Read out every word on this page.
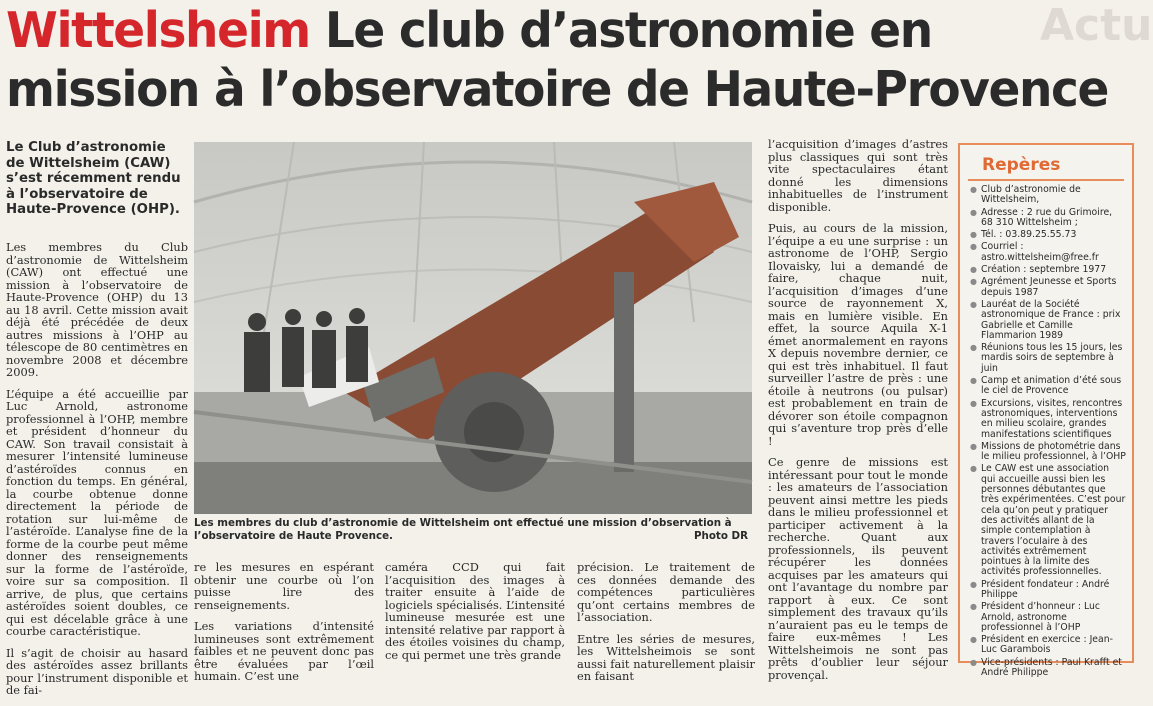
Actu
Wittelsheim Le club d’astronomie en mission à l’observatoire de Haute-Provence
Le Club d’astronomie de Wittelsheim (CAW) s’est récemment rendu à l’observatoire de Haute-Provence (OHP).

Les membres du Club d’astronomie de Wittelsheim (CAW) ont effectué une mission à l’observatoire de Haute-Provence (OHP) du 13 au 18 avril. Cette mission avait déjà été précédée de deux autres missions à l’OHP au télescope de 80 centimètres en novembre 2008 et décembre 2009.

L’équipe a été accueillie par Luc Arnold, astronome professionnel à l’OHP, membre et président d’honneur du CAW. Son travail consistait à mesurer l’intensité lumineuse d’astéroïdes connus en fonction du temps. En général, la courbe obtenue donne directement la période de rotation sur lui-même de l’astéroïde. L’analyse fine de la forme de la courbe peut même donner des renseignements sur la forme de l’astéroïde, voire sur sa composition. Il arrive, de plus, que certains astéroïdes soient doubles, ce qui est décelable grâce à une courbe caractéristique.

Il s’agit de choisir au hasard des astéroïdes assez brillants pour l’instrument disponible et de fai-

Les membres du club d’astronomie de Wittelsheim ont effectué une mission d’observation à l’observatoire de Haute Provence.	Photo DR

re les mesures en espérant obtenir une courbe où l’on puisse lire des renseignements.

Les variations d’intensité lumineuses sont extrêmement faibles et ne peuvent donc pas être évaluées par l’œil humain. C’est une

caméra CCD qui fait l’acquisition des images à traiter ensuite à l’aide de logiciels spécialisés. L’intensité lumineuse mesurée est une intensité relative par rapport à des étoiles voisines du champ, ce qui permet une très grande

précision. Le traitement de ces données demande des compétences particulières qu’ont certains membres de l’association.

Entre les séries de mesures, les Wittelsheimois se sont aussi fait naturellement plaisir en faisant

l’acquisition d’images d’astres plus classiques qui sont très vite spectaculaires étant donné les dimensions inhabituelles de l’instrument disponible.

Puis, au cours de la mission, l’équipe a eu une surprise : un astronome de l’OHP, Sergio Ilovaisky, lui a demandé de faire, chaque nuit, l’acquisition d’images d’une source de rayonnement X, mais en lumière visible. En effet, la source Aquila X-1 émet anormalement en rayons X depuis novembre dernier, ce qui est très inhabituel. Il faut surveiller l’astre de près : une étoile à neutrons (ou pulsar) est probablement en train de dévorer son étoile compagnon qui s’aventure trop près d’elle !

Ce genre de missions est intéressant pour tout le monde : les amateurs de l’association peuvent ainsi mettre les pieds dans le milieu professionnel et participer activement à la recherche. Quant aux professionnels, ils peuvent récupérer les données acquises par les amateurs qui ont l’avantage du nombre par rapport à eux. Ce sont simplement des travaux qu’ils n’auraient pas eu le temps de faire eux-mêmes ! Les Wittelsheimois ne sont pas prêts d’oublier leur séjour provençal.

Repères
● Club d’astronomie de Wittelsheim,
● Adresse : 2 rue du Grimoire, 68 310 Wittelsheim ;
● Tél. : 03.89.25.55.73
● Courriel : astro.wittelsheim@free.fr
● Création : septembre 1977
● Agrément Jeunesse et Sports depuis 1987
● Lauréat de la Société astronomique de France : prix Gabrielle et Camille Flammarion 1989
● Réunions tous les 15 jours, les mardis soirs de septembre à juin
● Camp et animation d’été sous le ciel de Provence
● Excursions, visites, rencontres astronomiques, interventions en milieu scolaire, grandes manifestations scientifiques
● Missions de photométrie dans le milieu professionnel, à l’OHP
● Le CAW est une association qui accueille aussi bien les personnes débutantes que très expérimentées. C’est pour cela qu’on peut y pratiquer des activités allant de la simple contemplation à travers l’oculaire à des activités extrêmement pointues à la limite des activités professionnelles.
● Président fondateur : André Philippe
● Président d’honneur : Luc Arnold, astronome professionnel à l’OHP
● Président en exercice : Jean-Luc Garambois
● Vice-présidents : Paul Krafft et André Philippe
